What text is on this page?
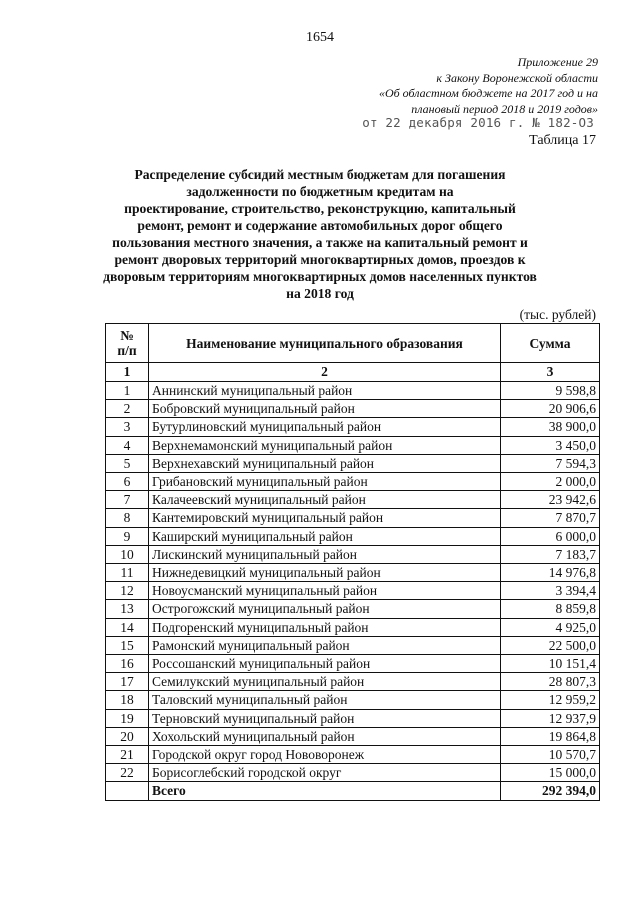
1654
Приложение 29
к Закону Воронежской области
«Об областном бюджете на 2017 год и на
плановый период 2018 и 2019 годов»
от 22 декабря 2016 г. № 182-ОЗ
Таблица 17
Распределение субсидий местным бюджетам для погашения
задолженности по бюджетным кредитам на
проектирование, строительство, реконструкцию, капитальный
ремонт, ремонт и содержание автомобильных дорог общего
пользования местного значения, а также на капитальный ремонт и
ремонт дворовых территорий многоквартирных домов, проездов к
дворовым территориям многоквартирных домов населенных пунктов
на 2018 год
(тыс. рублей)
№
п/п	Наименование муниципального образования	Сумма
1	2	3
1	Аннинский муниципальный район	9 598,8
2	Бобровский муниципальный район	20 906,6
3	Бутурлиновский муниципальный район	38 900,0
4	Верхнемамонский муниципальный район	3 450,0
5	Верхнехавский муниципальный район	7 594,3
6	Грибановский муниципальный район	2 000,0
7	Калачеевский муниципальный район	23 942,6
8	Кантемировский муниципальный район	7 870,7
9	Каширский муниципальный район	6 000,0
10	Лискинский муниципальный район	7 183,7
11	Нижнедевицкий муниципальный район	14 976,8
12	Новоусманский муниципальный район	3 394,4
13	Острогожский муниципальный район	8 859,8
14	Подгоренский муниципальный район	4 925,0
15	Рамонский муниципальный район	22 500,0
16	Россошанский муниципальный район	10 151,4
17	Семилукский муниципальный район	28 807,3
18	Таловский муниципальный район	12 959,2
19	Терновский муниципальный район	12 937,9
20	Хохольский муниципальный район	19 864,8
21	Городской округ город Нововоронеж	10 570,7
22	Борисоглебский городской округ	15 000,0
	Всего	292 394,0
